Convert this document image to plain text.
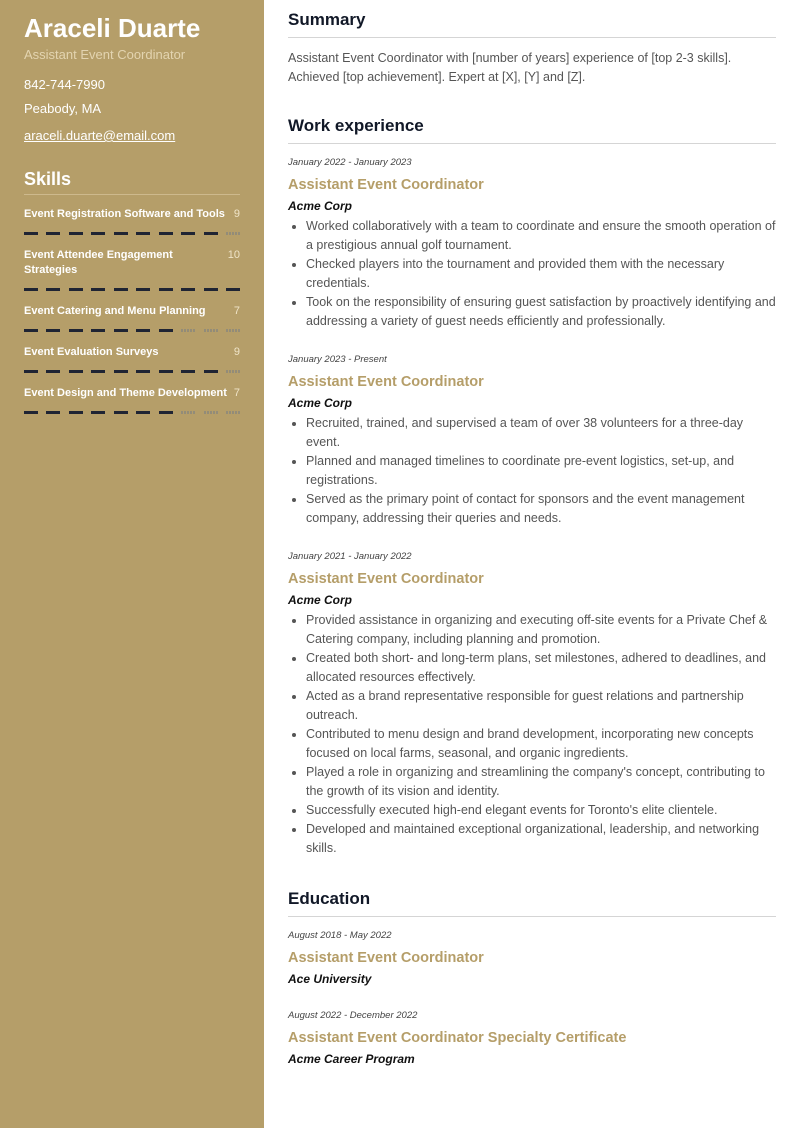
Araceli Duarte
Assistant Event Coordinator
842-744-7990
Peabody, MA
araceli.duarte@email.com
Skills
Event Registration Software and Tools 9
Event Attendee Engagement Strategies
10
Event Catering and Menu Planning	7
Event Evaluation Surveys	9
Event Design and Theme Development 7
Summary
Assistant Event Coordinator with [number of years] experience of [top 2-3 skills]. Achieved [top achievement]. Expert at [X], [Y] and [Z].
Work experience
January 2022 - January 2023
Assistant Event Coordinator
Acme Corp
• Worked collaboratively with a team to coordinate and ensure the smooth operation of a prestigious annual golf tournament.
• Checked players into the tournament and provided them with the necessary credentials.
• Took on the responsibility of ensuring guest satisfaction by proactively identifying and addressing a variety of guest needs efficiently and professionally.
January 2023 - Present
Assistant Event Coordinator
Acme Corp
• Recruited, trained, and supervised a team of over 38 volunteers for a three-day event.
• Planned and managed timelines to coordinate pre-event logistics, set-up, and registrations.
• Served as the primary point of contact for sponsors and the event management company, addressing their queries and needs.
January 2021 - January 2022
Assistant Event Coordinator
Acme Corp
• Provided assistance in organizing and executing off-site events for a Private Chef & Catering company, including planning and promotion.
• Created both short- and long-term plans, set milestones, adhered to deadlines, and allocated resources effectively.
• Acted as a brand representative responsible for guest relations and partnership outreach.
• Contributed to menu design and brand development, incorporating new concepts focused on local farms, seasonal, and organic ingredients.
• Played a role in organizing and streamlining the company's concept, contributing to the growth of its vision and identity.
• Successfully executed high-end elegant events for Toronto's elite clientele.
• Developed and maintained exceptional organizational, leadership, and networking skills.
Education
August 2018 - May 2022
Assistant Event Coordinator
Ace University
August 2022 - December 2022
Assistant Event Coordinator Specialty Certificate
Acme Career Program
